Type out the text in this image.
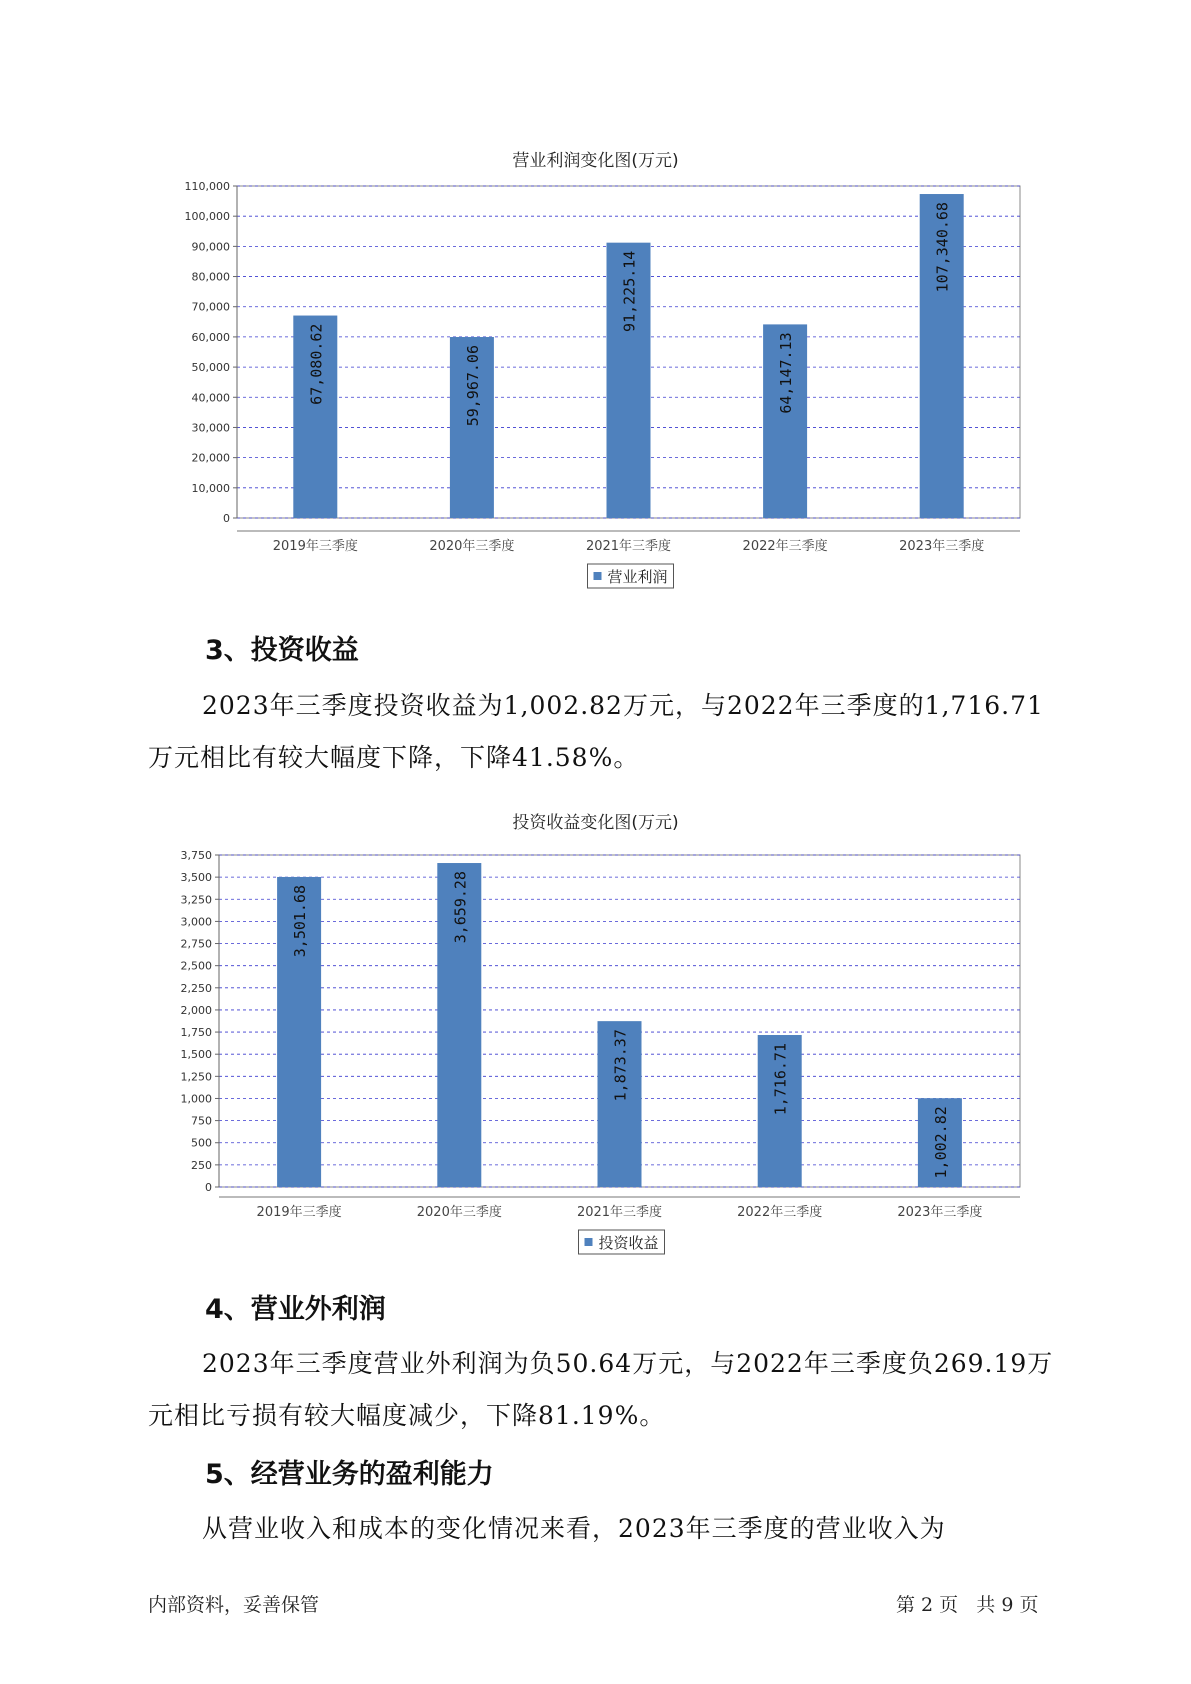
营业利润变化图(万元)
0
10,000
20,000
30,000
40,000
50,000
60,000
70,000
80,000
90,000
100,000
110,000
67,080.62
2019年三季度
59,967.06
2020年三季度
91,225.14
2021年三季度
64,147.13
2022年三季度
107,340.68
2023年三季度
营业利润
3、投资收益
2023年三季度投资收益为1,002.82万元，与2022年三季度的1,716.71
万元相比有较大幅度下降，下降41.58%。
投资收益变化图(万元)
0
250
500
750
1,000
1,250
1,500
1,750
2,000
2,250
2,500
2,750
3,000
3,250
3,500
3,750
3,501.68
2019年三季度
3,659.28
2020年三季度
1,873.37
2021年三季度
1,716.71
2022年三季度
1,002.82
2023年三季度
投资收益
4、营业外利润
2023年三季度营业外利润为负50.64万元，与2022年三季度负269.19万
元相比亏损有较大幅度减少，下降81.19%。
5、经营业务的盈利能力
从营业收入和成本的变化情况来看，2023年三季度的营业收入为
内部资料，妥善保管	第 2 页   共 9 页
